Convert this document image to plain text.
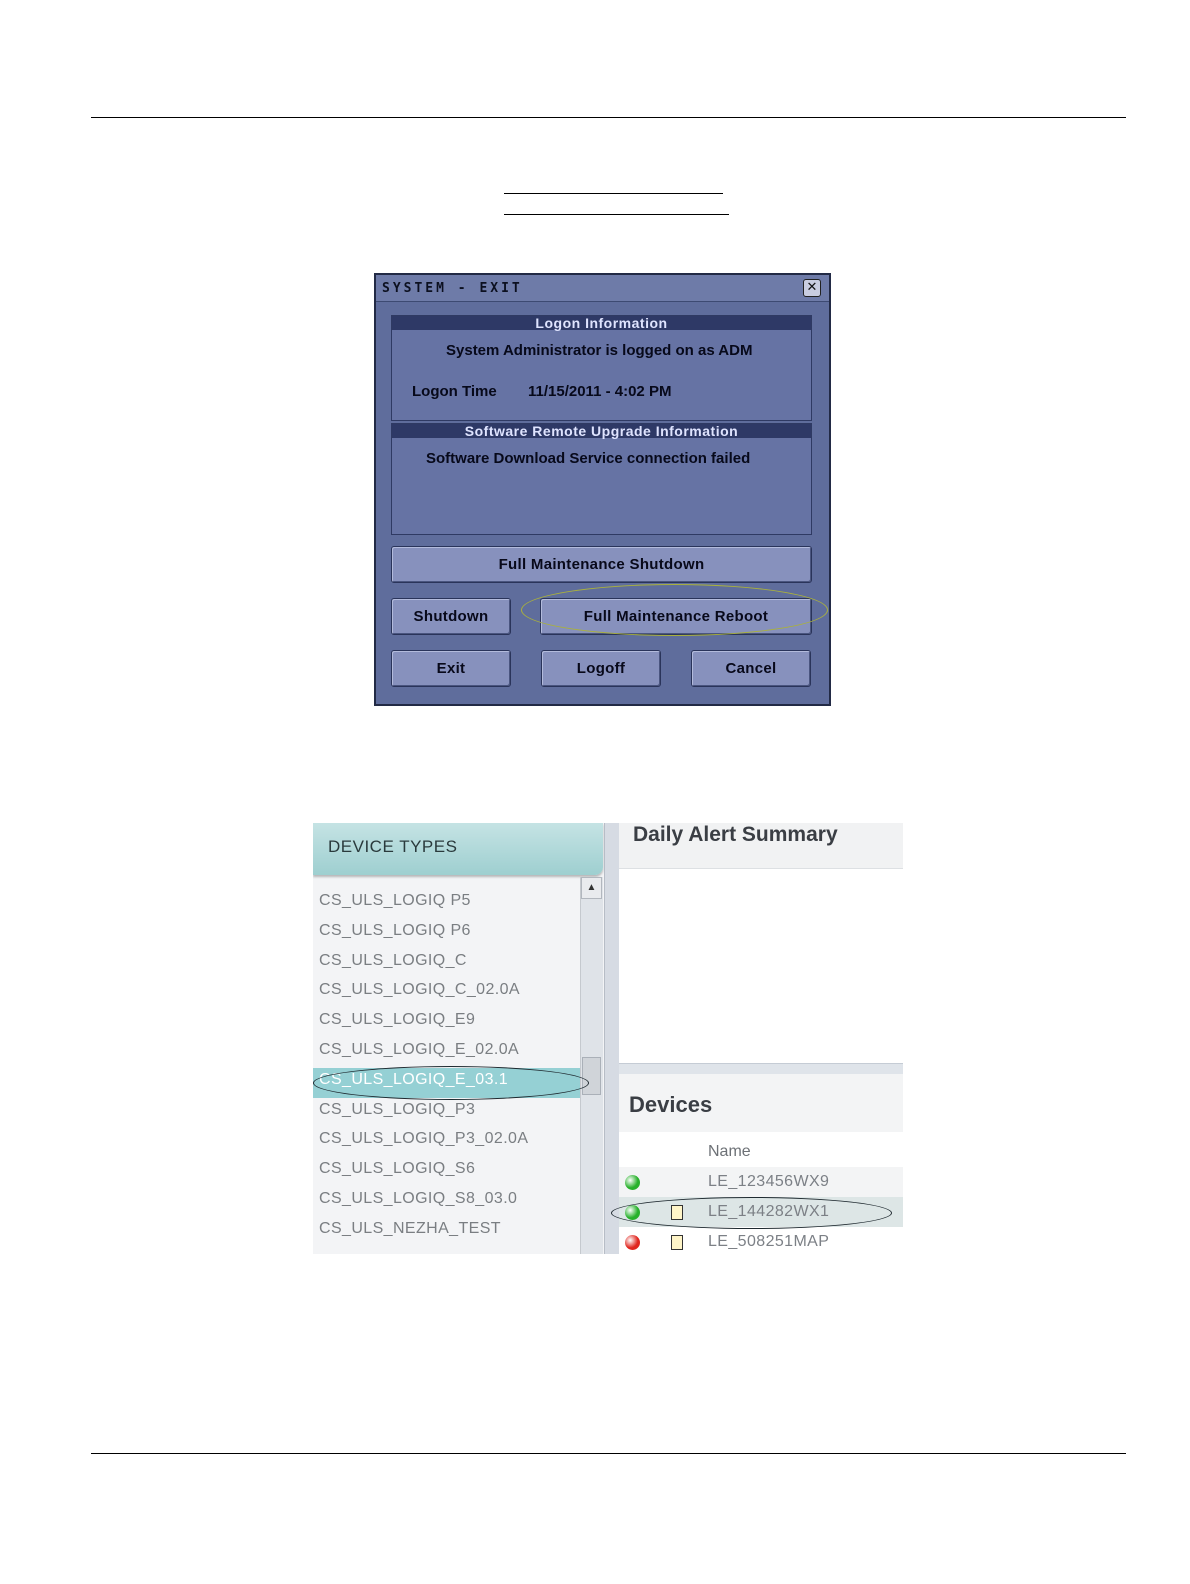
SYSTEM - EXIT	✕
Logon Information
System Administrator is logged on as ADM
Logon Time 11/15/2011 - 4:02 PM
Software Remote Upgrade Information
Software Download Service connection failed
Full Maintenance Shutdown
Shutdown	Full Maintenance Reboot
Exit	Logoff	Cancel
CS_ULS_LOGIQ P5
CS_ULS_LOGIQ P6
CS_ULS_LOGIQ_C
CS_ULS_LOGIQ_C_02.0A
CS_ULS_LOGIQ_E9
CS_ULS_LOGIQ_E_02.0A
CS_ULS_LOGIQ_E_03.1
CS_ULS_LOGIQ_P3
CS_ULS_LOGIQ_P3_02.0A
CS_ULS_LOGIQ_S6
CS_ULS_LOGIQ_S8_03.0
CS_ULS_NEZHA_TEST
DEVICE TYPES
▲
Daily Alert Summary
Devices
Name
LE_123456WX9
LE_144282WX1
LE_508251MAP
